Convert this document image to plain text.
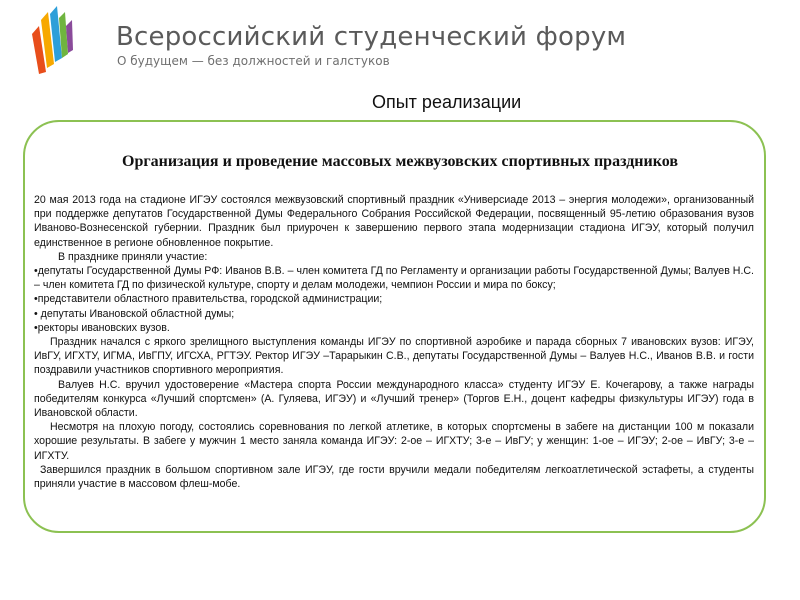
Всероссийский студенческий форум
О будущем — без должностей и галстуков
Опыт реализации
Организация и проведение массовых межвузовских спортивных праздников

20 мая 2013 года на стадионе ИГЭУ состоялся межвузовский спортивный праздник «Универсиаде 2013 – энергия молодежи», организованный при поддержке депутатов Государственной Думы Федерального Собрания Российской Федерации, посвященный 95-летию образования вузов Иваново-Вознесенской губернии. Праздник был приурочен к завершению первого этапа модернизации стадиона ИГЭУ, который получил единственное в регионе обновленное покрытие.

В празднике приняли участие:

•депутаты Государственной Думы РФ: Иванов В.В. – член комитета ГД по Регламенту и организации работы Государственной Думы; Валуев Н.С. – член комитета ГД по физической культуре, спорту и делам молодежи, чемпион России и мира по боксу;

•представители областного правительства, городской администрации;

• депутаты Ивановской областной думы;

•ректоры ивановских вузов.

Праздник начался с яркого зрелищного выступления команды ИГЭУ по спортивной аэробике и парада сборных 7 ивановских вузов: ИГЭУ, ИвГУ, ИГХТУ, ИГМА, ИвГПУ, ИГСХА, РГТЭУ. Ректор ИГЭУ –Тарарыкин С.В., депутаты Государственной Думы – Валуев Н.С., Иванов В.В. и гости поздравили участников спортивного мероприятия.

Валуев Н.С. вручил удостоверение «Мастера спорта России международного класса» студенту ИГЭУ Е. Кочегарову, а также награды победителям конкурса «Лучший спортсмен» (А. Гуляева, ИГЭУ) и «Лучший тренер» (Торгов Е.Н., доцент кафедры физкультуры ИГЭУ) года в Ивановской области.

Несмотря на плохую погоду, состоялись соревнования по легкой атлетике, в которых спортсмены в забеге на дистанции 100 м показали хорошие результаты. В забеге у мужчин 1 место заняла команда ИГЭУ: 2-ое – ИГХТУ; 3-е – ИвГУ; у женщин: 1-ое – ИГЭУ; 2-ое – ИвГУ; 3-е – ИГХТУ.

Завершился праздник в большом спортивном зале ИГЭУ, где гости вручили медали победителям легкоатлетической эстафеты, а студенты приняли участие в массовом флеш-мобе.
